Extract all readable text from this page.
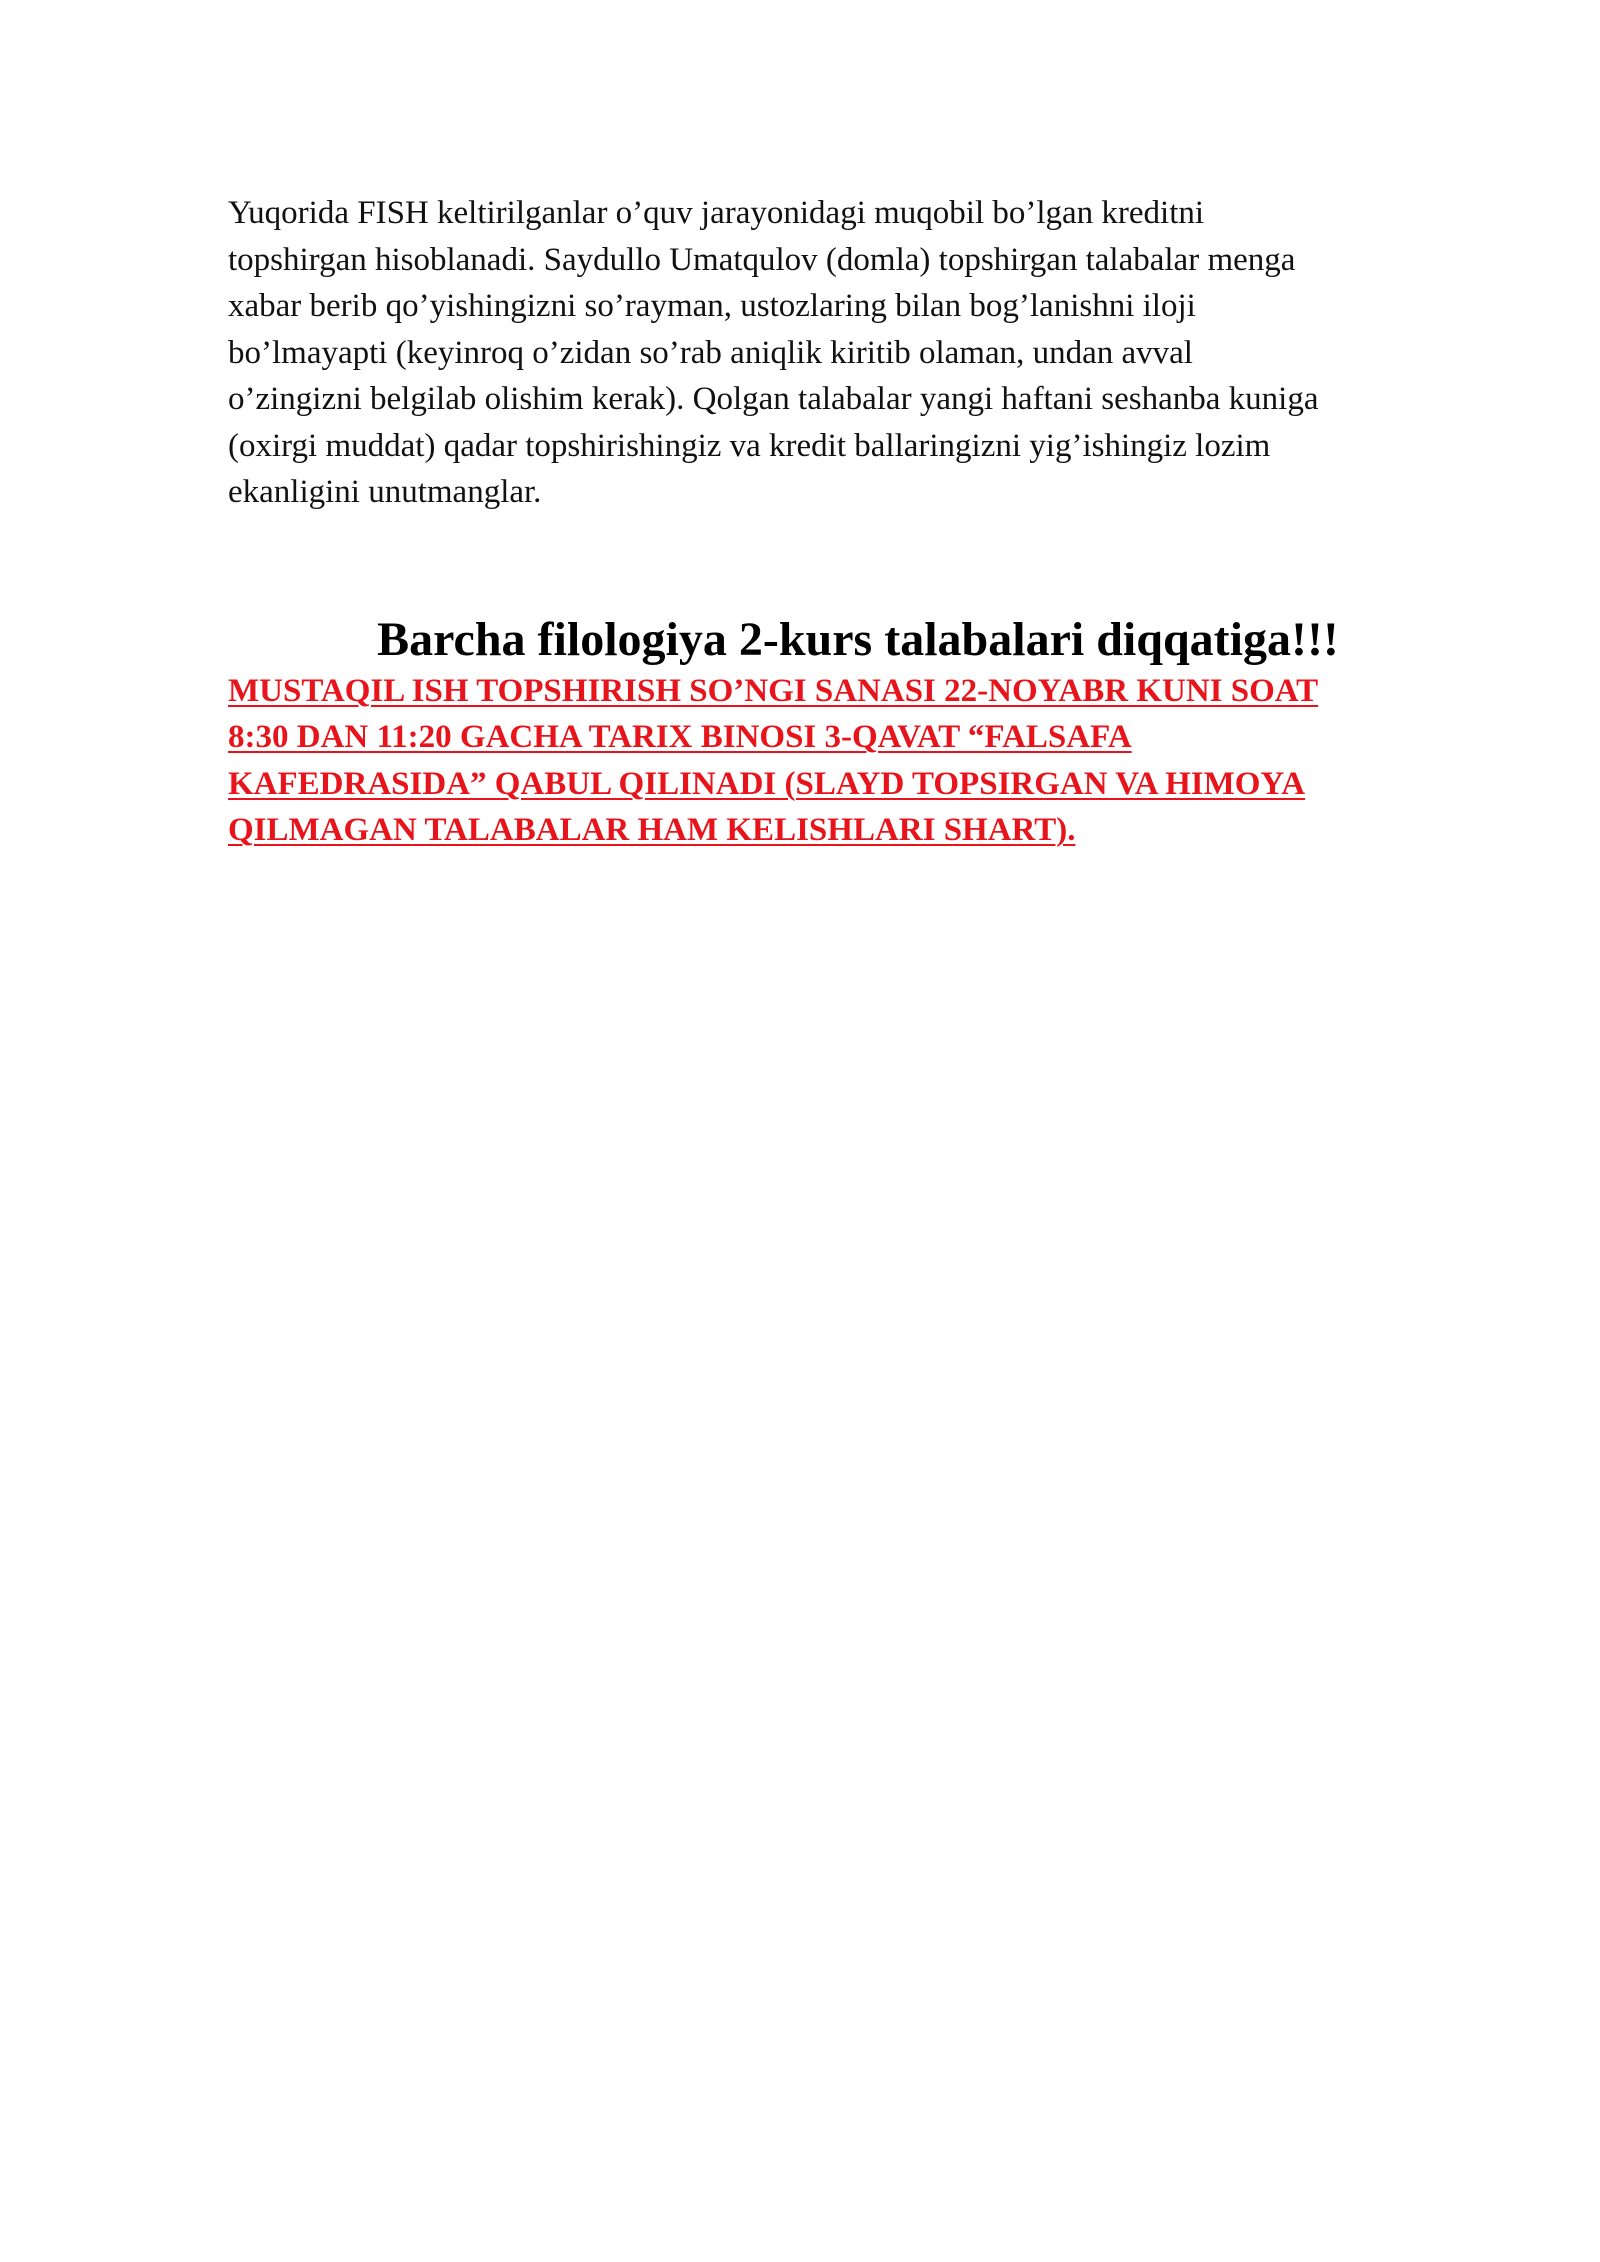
Yuqorida FISH keltirilganlar o’quv jarayonidagi muqobil bo’lgan kreditni
topshirgan hisoblanadi. Saydullo Umatqulov (domla) topshirgan talabalar menga
xabar berib qo’yishingizni so’rayman, ustozlaring bilan bog’lanishni iloji
bo’lmayapti (keyinroq o’zidan so’rab aniqlik kiritib olaman, undan avval
o’zingizni belgilab olishim kerak). Qolgan talabalar yangi haftani seshanba kuniga
(oxirgi muddat) qadar topshirishingiz va kredit ballaringizni yig’ishingiz lozim
ekanligini unutmanglar.

Barcha filologiya 2-kurs talabalari diqqatiga!!!

MUSTAQIL ISH TOPSHIRISH SO’NGI SANASI 22-NOYABR KUNI SOAT
8:30 DAN 11:20 GACHA TARIX BINOSI 3-QAVAT “FALSAFA
KAFEDRASIDA” QABUL QILINADI (SLAYD TOPSIRGAN VA HIMOYA
QILMAGAN TALABALAR HAM KELISHLARI SHART).
